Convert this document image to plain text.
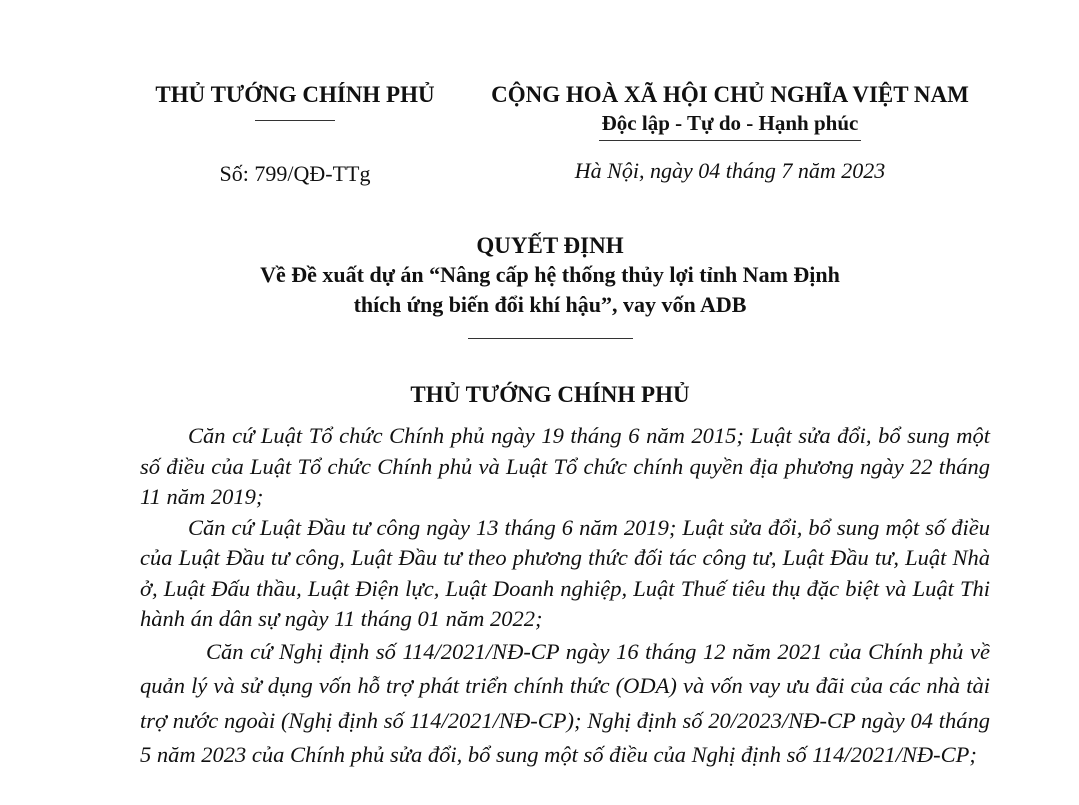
THỦ TƯỚNG CHÍNH PHỦ	CỘNG HOÀ XÃ HỘI CHỦ NGHĨA VIỆT NAM
Độc lập - Tự do - Hạnh phúc
Số: 799/QĐ-TTg	Hà Nội, ngày 04 tháng 7 năm 2023
QUYẾT ĐỊNH
Về Đề xuất dự án “Nâng cấp hệ thống thủy lợi tỉnh Nam Định
thích ứng biến đổi khí hậu”, vay vốn ADB
THỦ TƯỚNG CHÍNH PHỦ

Căn cứ Luật Tổ chức Chính phủ ngày 19 tháng 6 năm 2015; Luật sửa đổi, bổ sung một số điều của Luật Tổ chức Chính phủ và Luật Tổ chức chính quyền địa phương ngày 22 tháng 11 năm 2019;

Căn cứ Luật Đầu tư công ngày 13 tháng 6 năm 2019; Luật sửa đổi, bổ sung một số điều của Luật Đầu tư công, Luật Đầu tư theo phương thức đối tác công tư, Luật Đầu tư, Luật Nhà ở, Luật Đấu thầu, Luật Điện lực, Luật Doanh nghiệp, Luật Thuế tiêu thụ đặc biệt và Luật Thi hành án dân sự ngày 11 tháng 01 năm 2022;

Căn cứ Nghị định số 114/2021/NĐ-CP ngày 16 tháng 12 năm 2021 của Chính phủ về quản lý và sử dụng vốn hỗ trợ phát triển chính thức (ODA) và vốn vay ưu đãi của các nhà tài trợ nước ngoài (Nghị định số 114/2021/NĐ-CP); Nghị định số 20/2023/NĐ-CP ngày 04 tháng 5 năm 2023 của Chính phủ sửa đổi, bổ sung một số điều của Nghị định số 114/2021/NĐ-CP;
